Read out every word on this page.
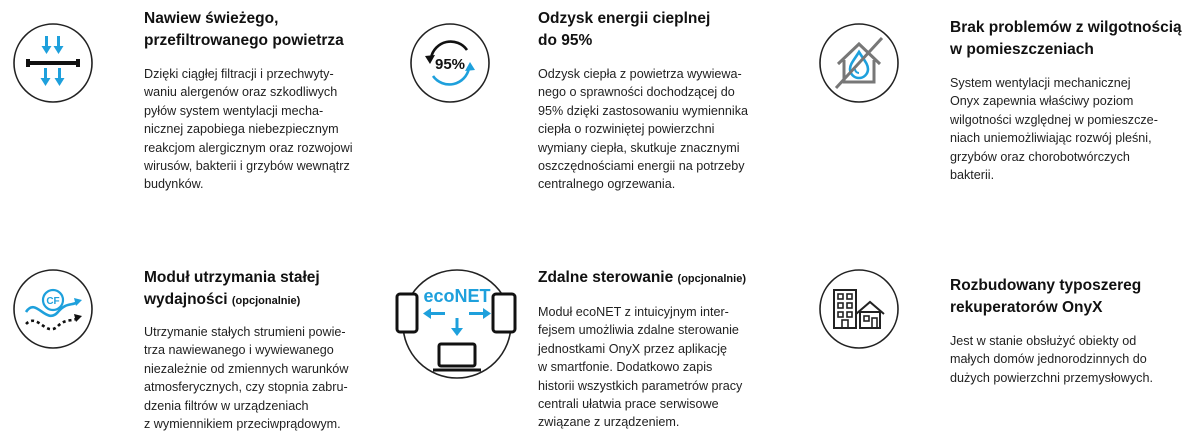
Nawiew świeżego,
przefiltrowanego powietrza
Dzięki ciągłej filtracji i przechwyty-
waniu alergenów oraz szkodliwych
pyłów system wentylacji mecha-
nicznej zapobiega niebezpiecznym
reakcjom alergicznym oraz rozwojowi
wirusów, bakterii i grzybów wewnątrz
budynków.
95%
Odzysk energii cieplnej
do 95%
Odzysk ciepła z powietrza wywiewa-
nego o sprawności dochodzącej do
95% dzięki zastosowaniu wymiennika
ciepła o rozwiniętej powierzchni
wymiany ciepła, skutkuje znacznymi
oszczędnościami energii na potrzeby
centralnego ogrzewania.
Brak problemów z wilgotnością
w pomieszczeniach
System wentylacji mechanicznej
Onyx zapewnia właściwy poziom
wilgotności względnej w pomieszcze-
niach uniemożliwiając rozwój pleśni,
grzybów oraz chorobotwórczych
bakterii.
CF
Moduł utrzymania stałej
wydajności (opcjonalnie)
Utrzymanie stałych strumieni powie-
trza nawiewanego i wywiewanego
niezależnie od zmiennych warunków
atmosferycznych, czy stopnia zabru-
dzenia filtrów w urządzeniach
z wymiennikiem przeciwprądowym.
ecoNET
Zdalne sterowanie (opcjonalnie)
Moduł ecoNET z intuicyjnym inter-
fejsem umożliwia zdalne sterowanie
jednostkami OnyX przez aplikację
w smartfonie. Dodatkowo zapis
historii wszystkich parametrów pracy
centrali ułatwia prace serwisowe
związane z urządzeniem.
Rozbudowany typoszereg
rekuperatorów OnyX
Jest w stanie obsłużyć obiekty od
małych domów jednorodzinnych do
dużych powierzchni przemysłowych.
